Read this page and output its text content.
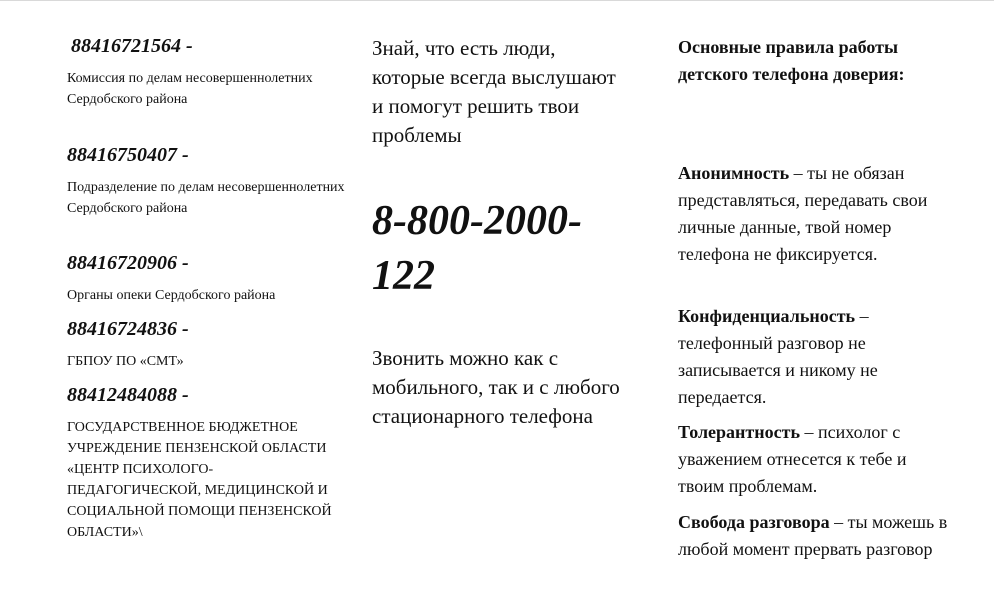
88416721564 -

Комиссия по делам несовершеннолетних Сердобского района

88416750407 -

Подразделение по делам несовершеннолетних Сердобского района

88416720906 -

Органы опеки Сердобского района

88416724836 -

ГБПОУ ПО «СМТ»

88412484088 -

ГОСУДАРСТВЕННОЕ БЮДЖЕТНОЕ УЧРЕЖДЕНИЕ ПЕНЗЕНСКОЙ ОБЛАСТИ «ЦЕНТР ПСИХОЛОГО-ПЕДАГОГИЧЕСКОЙ, МЕДИЦИНСКОЙ И СОЦИАЛЬНОЙ ПОМОЩИ ПЕНЗЕНСКОЙ ОБЛАСТИ»\

Знай, что есть люди, которые всегда выслушают и помогут решить твои проблемы

8-800-2000-
122

Звонить можно как с мобильного, так и с любого стационарного телефона

Основные правила работы детского телефона доверия:

Анонимность – ты не обязан представляться, передавать свои личные данные, твой номер телефона не фиксируется.

Конфиденциальность – телефонный разговор не записывается и никому не передается.

Толерантность – психолог с уважением отнесется к тебе и твоим проблемам.

Свобода разговора – ты можешь в любой момент прервать разговор
